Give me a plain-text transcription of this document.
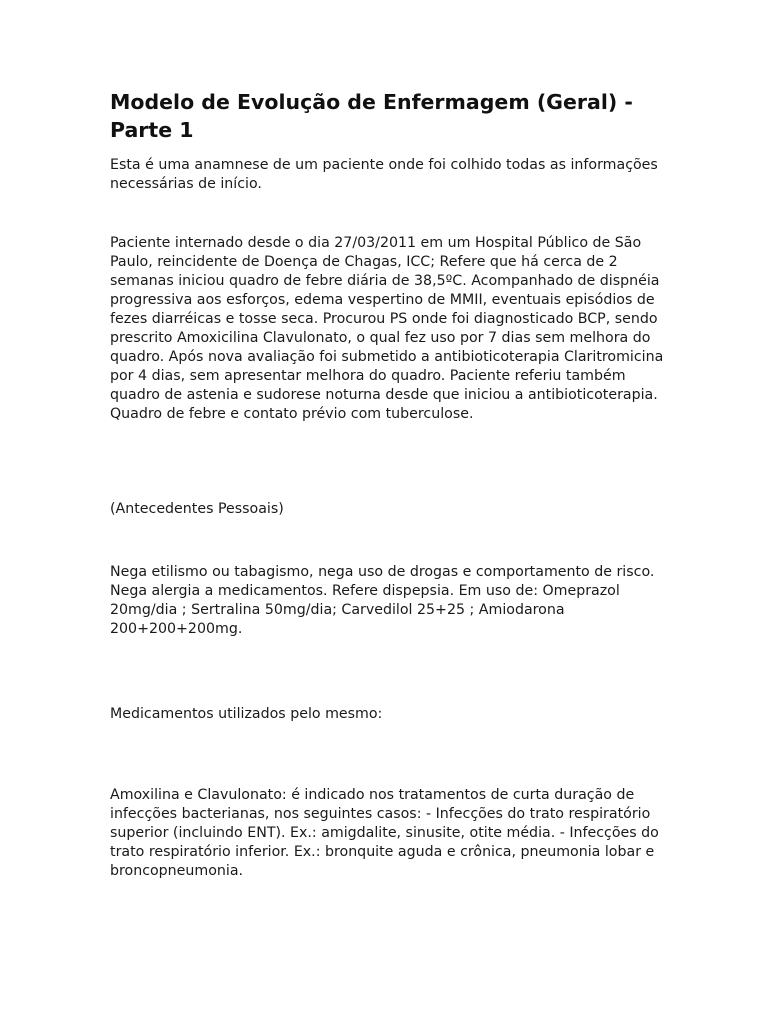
Modelo de Evolução de Enfermagem (Geral) - Parte 1

Esta é uma anamnese de um paciente onde foi colhido todas as informações necessárias de início.

Paciente internado desde o dia 27/03/2011 em um Hospital Público de São Paulo, reincidente de Doença de Chagas, ICC; Refere que há cerca de 2 semanas iniciou quadro de febre diária de 38,5ºC. Acompanhado de dispnéia progressiva aos esforços, edema vespertino de MMII, eventuais episódios de fezes diarréicas e tosse seca. Procurou PS onde foi diagnosticado BCP, sendo prescrito Amoxicilina Clavulonato, o qual fez uso por 7 dias sem melhora do quadro. Após nova avaliação foi submetido a antibioticoterapia Claritromicina por 4 dias, sem apresentar melhora do quadro. Paciente referiu também quadro de astenia e sudorese noturna desde que iniciou a antibioticoterapia. Quadro de febre e contato prévio com tuberculose.

(Antecedentes Pessoais)

Nega etilismo ou tabagismo, nega uso de drogas e comportamento de risco. Nega alergia a medicamentos. Refere dispepsia. Em uso de: Omeprazol 20mg/dia ; Sertralina 50mg/dia; Carvedilol 25+25 ; Amiodarona 200+200+200mg.

Medicamentos utilizados pelo mesmo:

Amoxilina e Clavulonato: é indicado nos tratamentos de curta duração de infecções bacterianas, nos seguintes casos: - Infecções do trato respiratório superior (incluindo ENT). Ex.: amigdalite, sinusite, otite média. - Infecções do trato respiratório inferior. Ex.: bronquite aguda e crônica, pneumonia lobar e broncopneumonia.
